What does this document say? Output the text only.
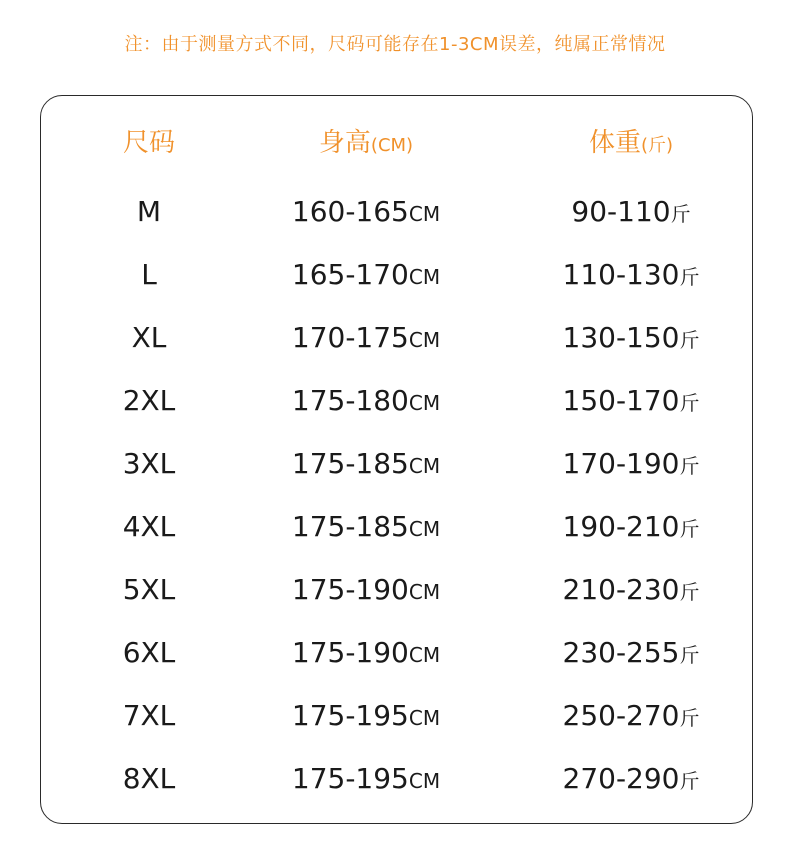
注：由于测量方式不同，尺码可能存在1-3CM误差，纯属正常情况
尺码	身高(CM)	体重(斤)
M	160-165CM	90-110斤
L	165-170CM	110-130斤
XL	170-175CM	130-150斤
2XL	175-180CM	150-170斤
3XL	175-185CM	170-190斤
4XL	175-185CM	190-210斤
5XL	175-190CM	210-230斤
6XL	175-190CM	230-255斤
7XL	175-195CM	250-270斤
8XL	175-195CM	270-290斤
